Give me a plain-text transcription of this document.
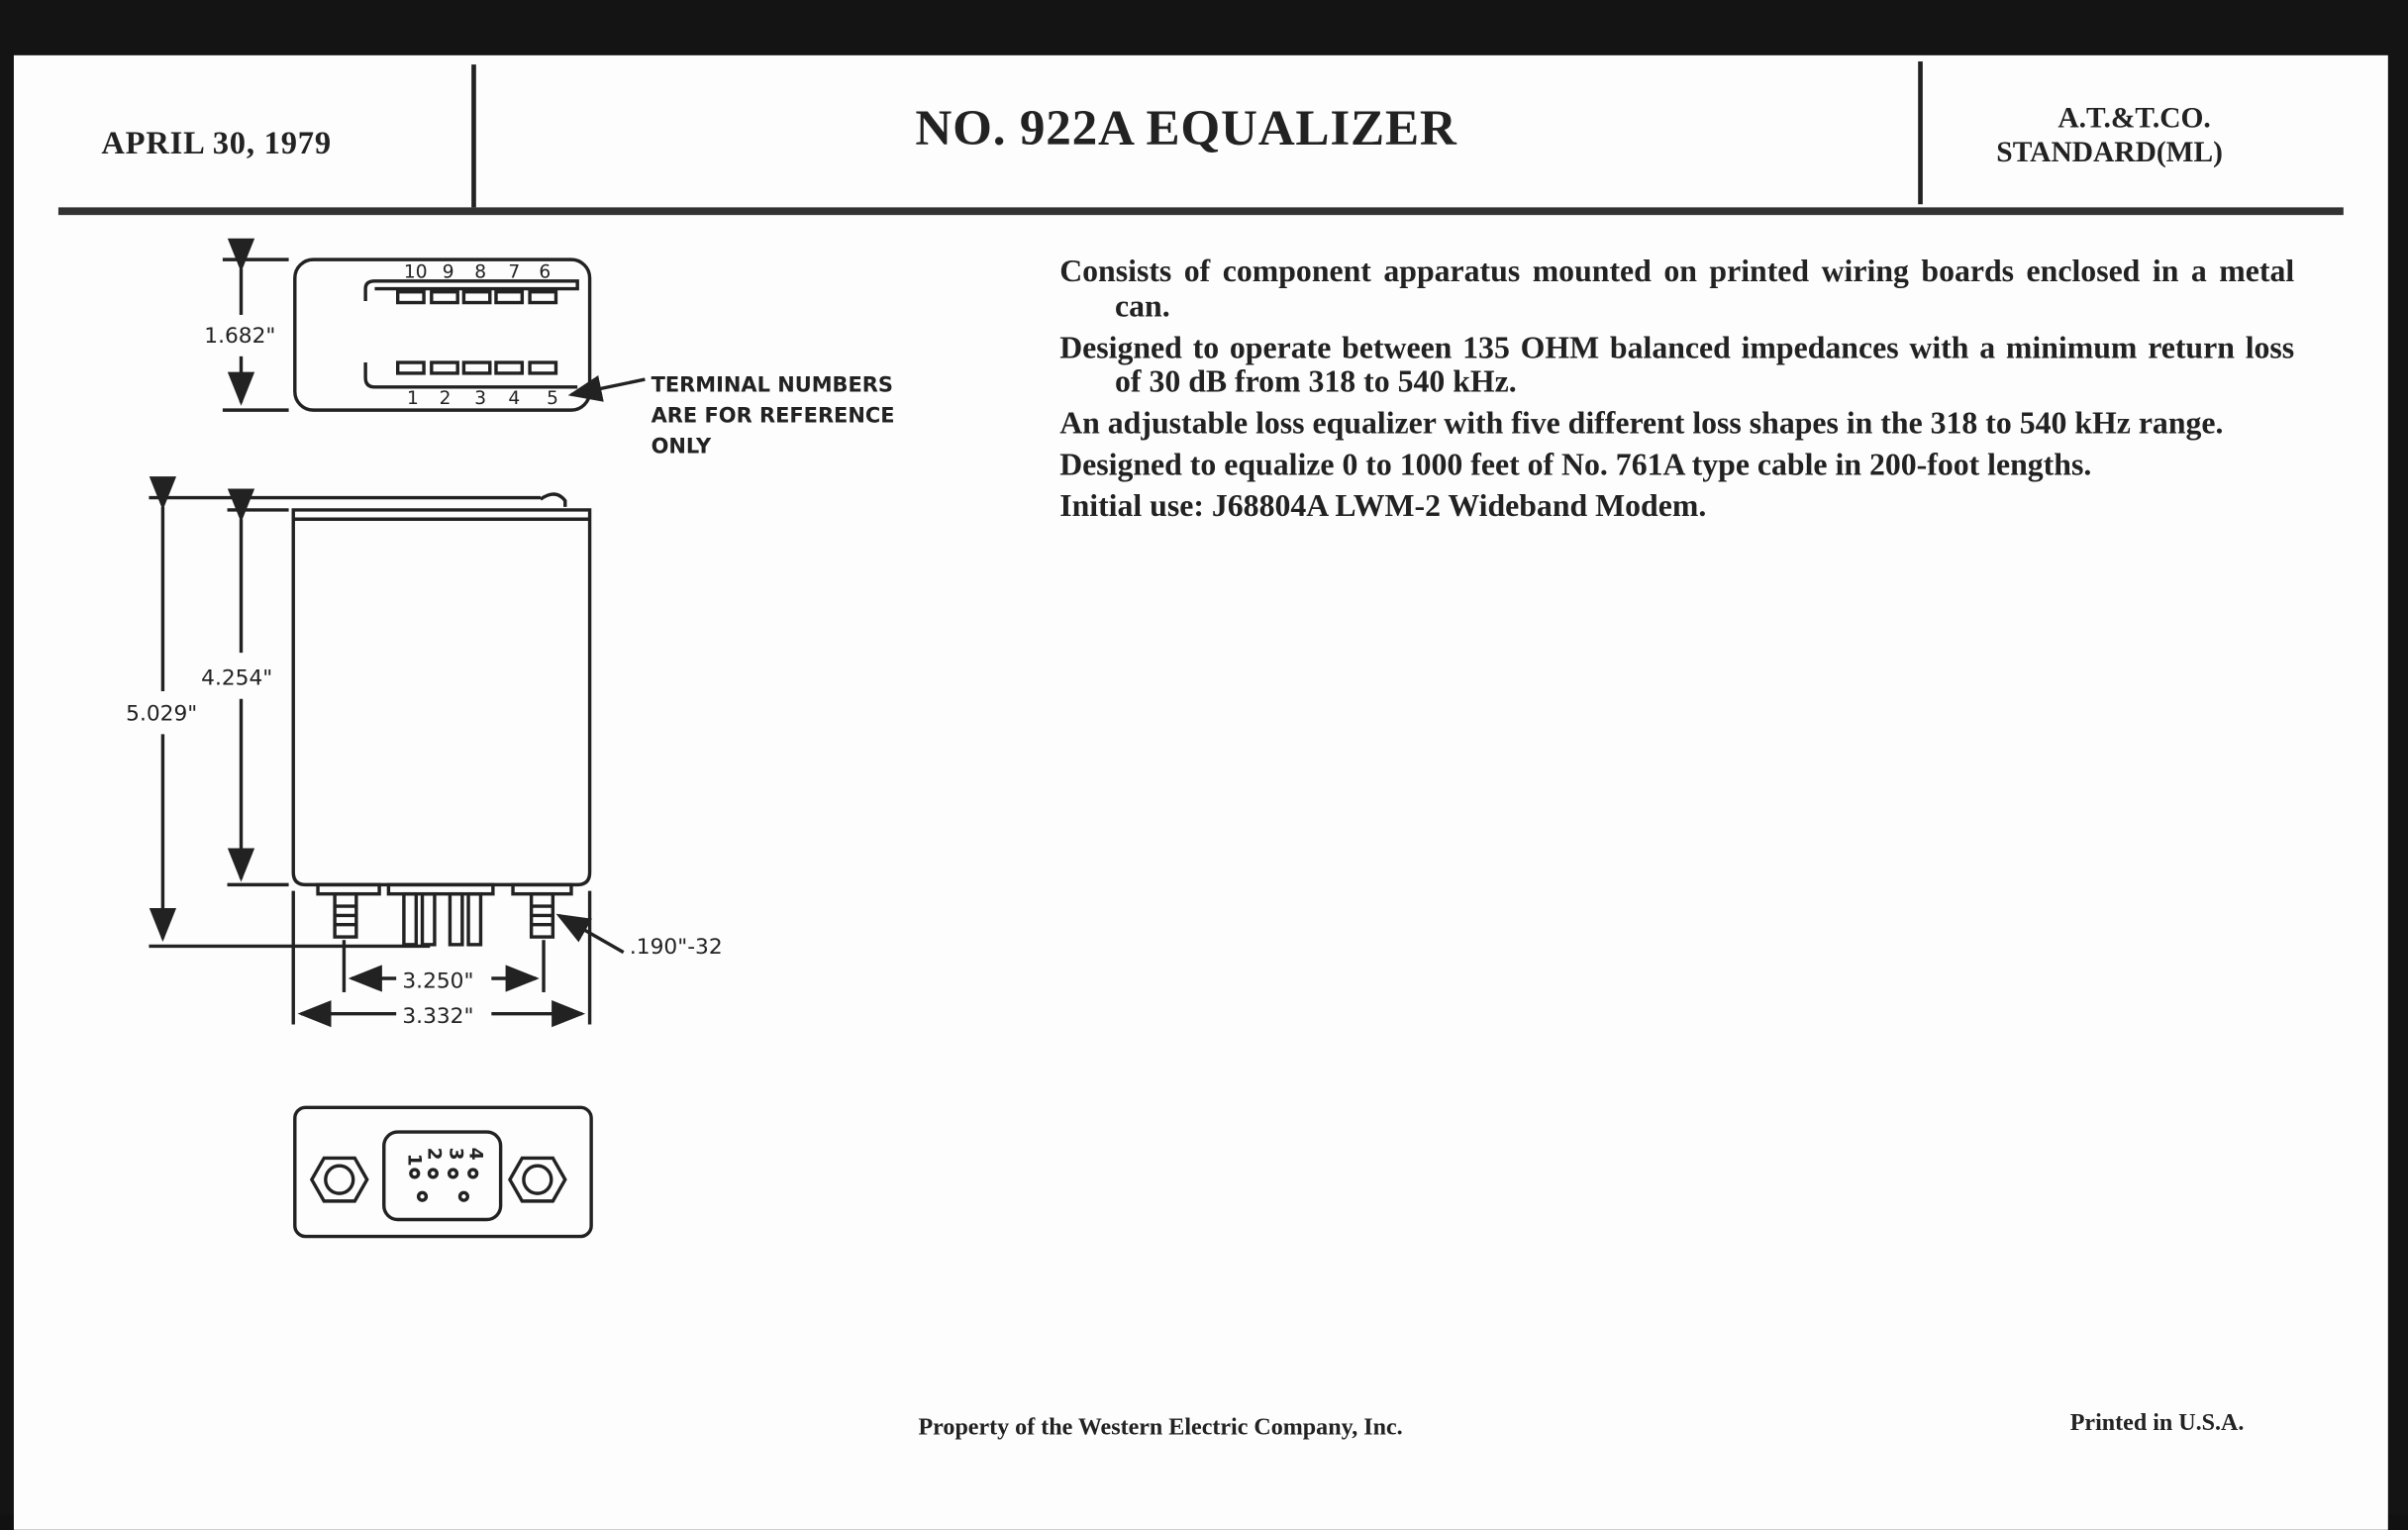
APRIL 30, 1979	NO. 922A EQUALIZER	A.T.&T.CO.
STANDARD(ML)

Consists of component apparatus mounted on printed wiring boards enclosed in a metal can.

Designed to operate between 135 OHM balanced impedances with a minimum return loss of 30 dB from 318 to 540 kHz.

An adjustable loss equalizer with five different loss shapes in the 318 to 540 kHz range.

Designed to equalize 0 to 1000 feet of No. 761A type cable in 200-foot lengths.

Initial use: J68804A LWM-2 Wideband Modem.

1.682"
10 9 8 7 6
1 2 3 4 5
TERMINAL NUMBERS
ARE FOR REFERENCE
ONLY
5.029"
4.254"
3.250"
3.332"
.190"-32
1 2 3 4
Property of the Western Electric Company, Inc.	Printed in U.S.A.
